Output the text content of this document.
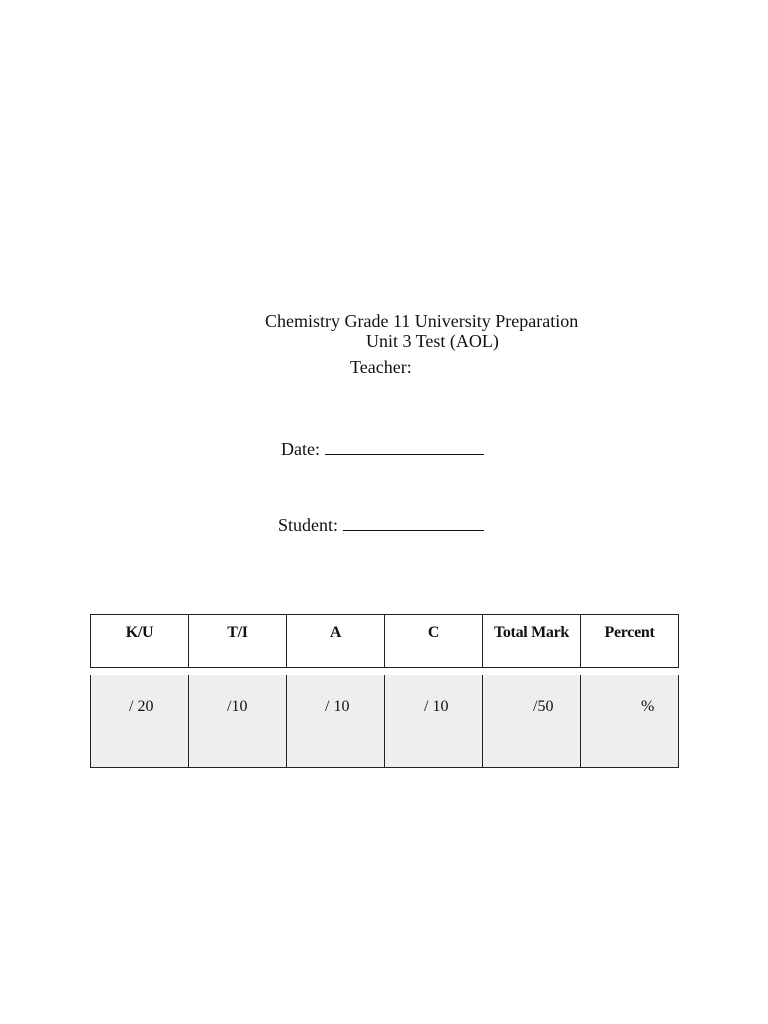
Chemistry Grade 11 University Preparation
Unit 3 Test (AOL)
Teacher:
Date:
Student:
K/U	T/I	A	C	Total Mark	Percent
/ 20	/10	/ 10	/ 10	/50	%
